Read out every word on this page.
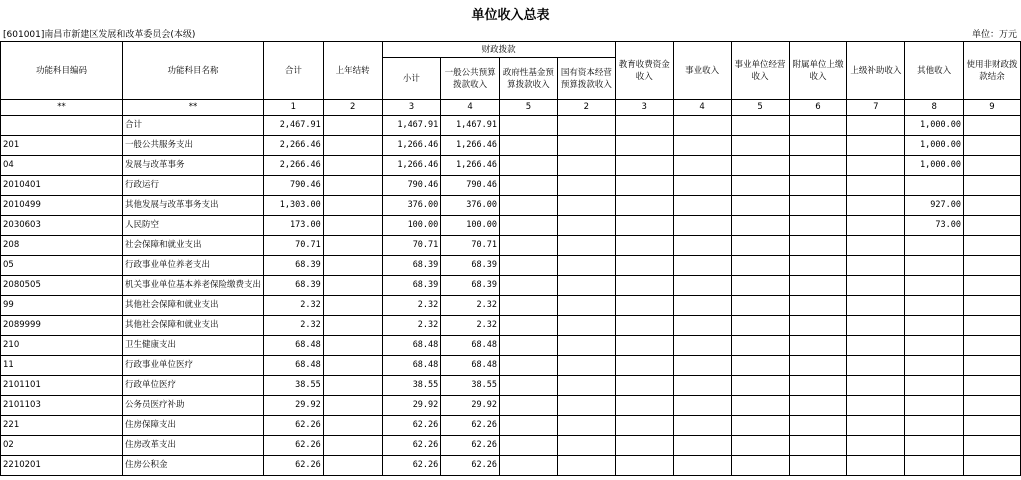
单位收入总表
[601001]南昌市新建区发展和改革委员会(本级)	单位：万元
功能科目编码	功能科目名称	合计	上年结转	财政拨款				教育收费资金收入	事业收入	事业单位经营收入	附属单位上缴收入	上级补助收入	其他收入	使用非财政拨款结余
				小计	一般公共预算拨款收入	政府性基金预算拨款收入	国有资本经营预算拨款收入							
**	**	1	2	3	4	5	2	3	4	5	6	7	8	9
	合计	2,467.91		1,467.91	1,467.91								1,000.00	
201	一般公共服务支出	2,266.46		1,266.46	1,266.46								1,000.00	
04	发展与改革事务	2,266.46		1,266.46	1,266.46								1,000.00	
2010401	行政运行	790.46		790.46	790.46									
2010499	其他发展与改革事务支出	1,303.00		376.00	376.00								927.00	
2030603	人民防空	173.00		100.00	100.00								73.00	
208	社会保障和就业支出	70.71		70.71	70.71									
05	行政事业单位养老支出	68.39		68.39	68.39									
2080505	机关事业单位基本养老保险缴费支出	68.39		68.39	68.39									
99	其他社会保障和就业支出	2.32		2.32	2.32									
2089999	其他社会保障和就业支出	2.32		2.32	2.32									
210	卫生健康支出	68.48		68.48	68.48									
11	行政事业单位医疗	68.48		68.48	68.48									
2101101	行政单位医疗	38.55		38.55	38.55									
2101103	公务员医疗补助	29.92		29.92	29.92									
221	住房保障支出	62.26		62.26	62.26									
02	住房改革支出	62.26		62.26	62.26									
2210201	住房公积金	62.26		62.26	62.26									
